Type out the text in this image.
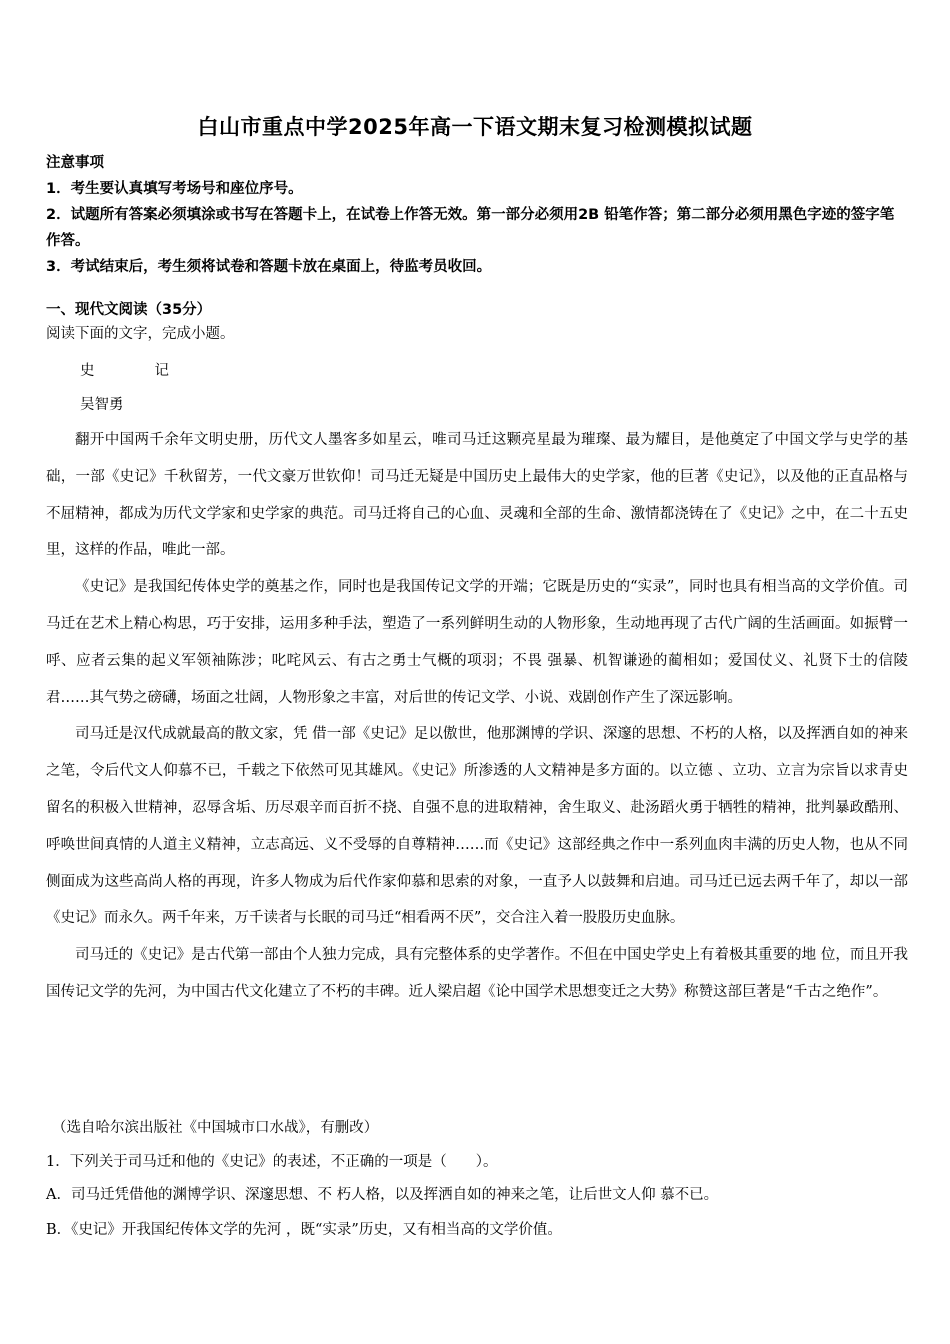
白山市重点中学2025年高一下语文期末复习检测模拟试题
注意事项
1．考生要认真填写考场号和座位序号。
2．试题所有答案必须填涂或书写在答题卡上，在试卷上作答无效。第一部分必须用2B 铅笔作答；第二部分必须用黑色字迹的签字笔作答。
3．考试结束后，考生须将试卷和答题卡放在桌面上，待监考员收回。
一、现代文阅读（35分）
阅读下面的文字，完成小题。
史	记
吴智勇

翻开中国两千余年文明史册，历代文人墨客多如星云，唯司马迁这颗亮星最为璀璨、最为耀目，是他奠定了中国文学与史学的基础，一部《史记》千秋留芳，一代文豪万世钦仰！司马迁无疑是中国历史上最伟大的史学家，他的巨著《史记》，以及他的正直品格与不屈精神，都成为历代文学家和史学家的典范。司马迁将自己的心血、灵魂和全部的生命、激情都浇铸在了《史记》之中，在二十五史里，这样的作品，唯此一部。

《史记》是我国纪传体史学的奠基之作，同时也是我国传记文学的开端；它既是历史的“实录”，同时也具有相当高的文学价值。司马迁在艺术上精心构思，巧于安排，运用多种手法，塑造了一系列鲜明生动的人物形象，生动地再现了古代广阔的生活画面。如振臂一呼、应者云集的起义军领袖陈涉；叱咤风云、有古之勇士气概的项羽；不畏 强暴、机智谦逊的蔺相如；爱国仗义、礼贤下士的信陵君……其气势之磅礴，场面之壮阔，人物形象之丰富，对后世的传记文学、小说、戏剧创作产生了深远影响。

司马迁是汉代成就最高的散文家，凭 借一部《史记》足以傲世，他那渊博的学识、深邃的思想、不朽的人格，以及挥洒自如的神来之笔，令后代文人仰慕不已，千载之下依然可见其雄风。《史记》所渗透的人文精神是多方面的。以立德 、立功、立言为宗旨以求青史留名的积极入世精神，忍辱含垢、历尽艰辛而百折不挠、自强不息的进取精神，舍生取义、赴汤蹈火勇于牺牲的精神，批判暴政酷刑、呼唤世间真情的人道主义精神，立志高远、义不受辱的自尊精神……而《史记》这部经典之作中一系列血肉丰满的历史人物，也从不同侧面成为这些高尚人格的再现，许多人物成为后代作家仰慕和思索的对象，一直予人以鼓舞和启迪。司马迁已远去两千年了，却以一部《史记》而永久。两千年来，万千读者与长眠的司马迁“相看两不厌”，交合注入着一股股历史血脉。

司马迁的《史记》是古代第一部由个人独力完成，具有完整体系的史学著作。不但在中国史学史上有着极其重要的地 位，而且开我国传记文学的先河，为中国古代文化建立了不朽的丰碑。近人梁启超《论中国学术思想变迁之大势》称赞这部巨著是“千古之绝作”。

（选自哈尔滨出版社《中国城市口水战》，有删改）
1．下列关于司马迁和他的《史记》的表述，不正确的一项是（　　）。
A．司马迁凭借他的渊博学识、深邃思想、不 朽人格，以及挥洒自如的神来之笔，让后世文人仰 慕不已。
B．《史记》开我国纪传体文学的先河 ，既“实录”历史，又有相当高的文学价值。
